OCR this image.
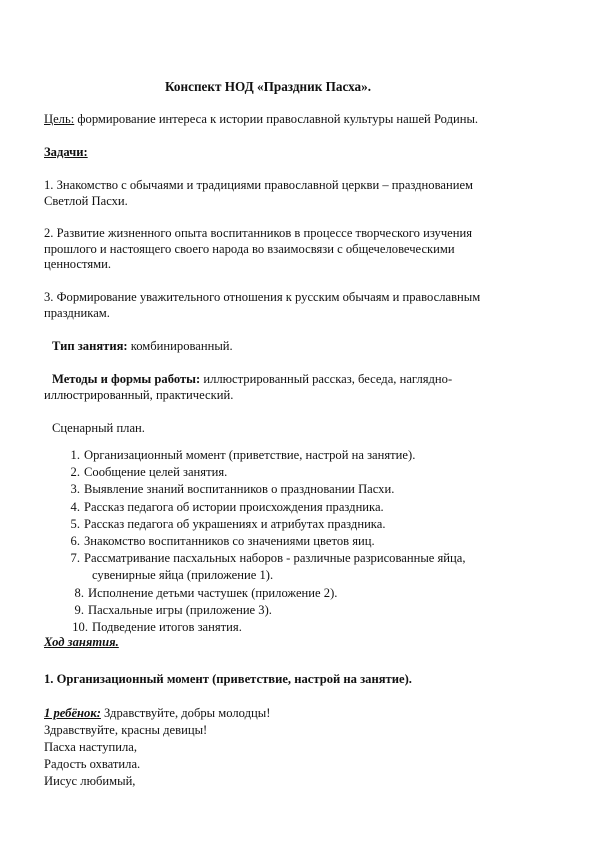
Конспект НОД «Праздник Пасха».
Цель: формирование интереса к истории православной культуры нашей Родины.
Задачи:
1. Знакомство с обычаями и традициями православной церкви – празднованием Светлой Пасхи.
2. Развитие жизненного опыта воспитанников в процессе творческого изучения прошлого и настоящего своего народа во взаимосвязи с общечеловеческими ценностями.
3. Формирование уважительного отношения к русским обычаям и православным праздникам.
Тип занятия: комбинированный.
Методы и формы работы: иллюстрированный рассказ, беседа, наглядно-
иллюстрированный, практический.
Сценарный план.
1. Организационный момент (приветствие, настрой на занятие).
2. Сообщение целей занятия.
3. Выявление знаний воспитанников о праздновании Пасхи.
4. Рассказ педагога об истории происхождения праздника.
5. Рассказ педагога об украшениях и атрибутах праздника.
6. Знакомство воспитанников со значениями цветов яиц.
7. Рассматривание пасхальных наборов - различные разрисованные яйца,
сувенирные яйца (приложение 1).
8. Исполнение детьми частушек (приложение 2).
9. Пасхальные игры (приложение 3).
10. Подведение итогов занятия.
Ход занятия.
1. Организационный момент (приветствие, настрой на занятие).
1 ребёнок: Здравствуйте, добры молодцы!
Здравствуйте, красны девицы!
Пасха наступила,
Радость охватила.
Иисус любимый,
